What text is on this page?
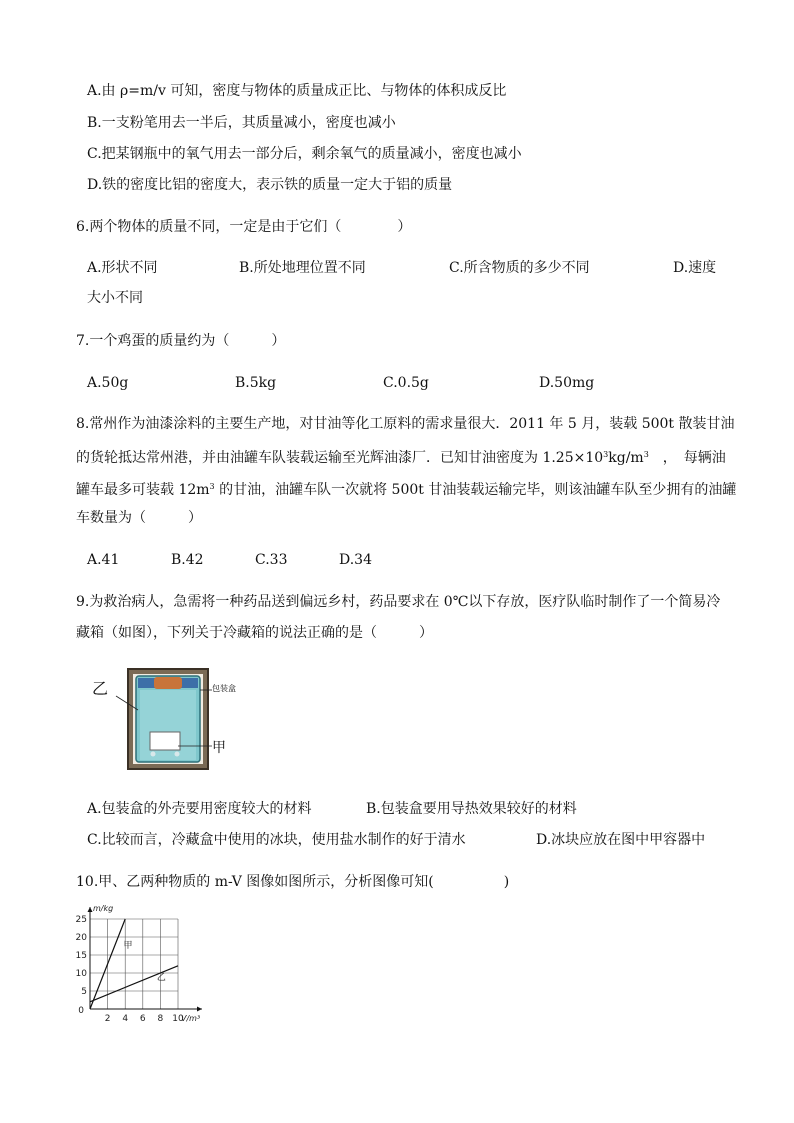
A.由 ρ=m/v 可知，密度与物体的质量成正比、与物体的体积成反比
B.一支粉笔用去一半后，其质量减小，密度也减小
C.把某钢瓶中的氧气用去一部分后，剩余氧气的质量减小，密度也减小
D.铁的密度比铝的密度大，表示铁的质量一定大于铝的质量
6.两个物体的质量不同，一定是由于它们（　　　　）
A.形状不同	B.所处地理位置不同	C.所含物质的多少不同	D.速度
大小不同
7.一个鸡蛋的质量约为（　　　）
A.50g	B.5kg	C.0.5g	D.50mg
8.常州作为油漆涂料的主要生产地，对甘油等化工原料的需求量很大．2011 年 5 月，装载 500t 散装甘油
的货轮抵达常州港，并由油罐车队装载运输至光辉油漆厂．已知甘油密度为 $1.25\times 10^3kg/m^3$　，　每辆油
罐车最多可装载 $12m^3$ 的甘油，油罐车队一次就将 500t 甘油装载运输完毕，则该油罐车队至少拥有的油罐
车数量为（　　　）
A.41	B.42	C.33	D.34
9.为救治病人，急需将一种药品送到偏远乡村，药品要求在 0℃以下存放，医疗队临时制作了一个简易冷
藏箱（如图），下列关于冷藏箱的说法正确的是（　　　）
乙	包装盒
甲
A.包装盒的外壳要用密度较大的材料	B.包装盒要用导热效果较好的材料
C.比较而言，冷藏盒中使用的冰块，使用盐水制作的好于清水	D.冰块应放在图中甲容器中
10.甲、乙两种物质的 m-V 图像如图所示，分析图像可知(　　　　　)
2 4 6 8 10
5
10
15
20
25
0
m/kg
V/m³
甲
乙
